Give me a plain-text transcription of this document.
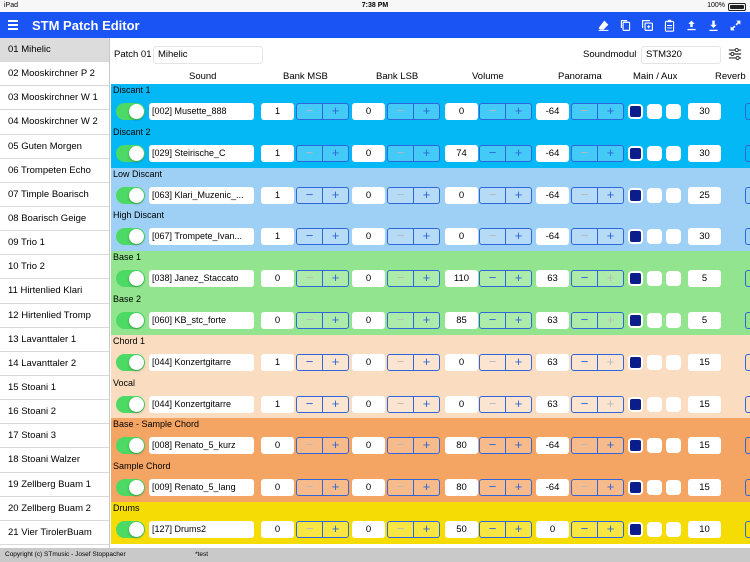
iPad	7:38 PM	100%
STM Patch Editor
01 Mihelic
02 Mooskirchner P 2
03 Mooskirchner W 1
04 Mooskirchner W 2
05 Guten Morgen
06 Trompeten Echo
07 Timple Boarisch
08 Boarisch Geige
09 Trio 1
10 Trio 2
11 Hirtenlied Klari
12 Hirtenlied Tromp
13 Lavanttaler 1
14 Lavanttaler 2
15 Stoani 1
16 Stoani 2
17 Stoani 3
18 Stoani Walzer
19 Zellberg Buam 1
20 Zellberg Buam 2
21 Vier TirolerBuam
Patch 01 Mihelic	Soundmodul	STM320
Sound	Bank MSB	Bank LSB	Volume	Panorama	Main / Aux	Reverb
Discant 1
[002] Musette_888	1	−	+	0	−	+	0	−	+	-64	−	+	30
Discant 2
[029] Steirische_C	1	−	+	0	−	+	74	−	+	-64	−	+	30
Low Discant
[063] Klari_Muzenic_...	1	−	+	0	−	+	0	−	+	-64	−	+	25
High Discant
[067] Trompete_Ivan...	1	−	+	0	−	+	0	−	+	-64	−	+	30
Base 1
[038] Janez_Staccato	0	−	+	0	−	+	110	−	+	63	−	+	5
Base 2
[060] KB_stc_forte	0	−	+	0	−	+	85	−	+	63	−	+	5
Chord 1
[044] Konzertgitarre	1	−	+	0	−	+	0	−	+	63	−	+	15
Vocal
[044] Konzertgitarre	1	−	+	0	−	+	0	−	+	63	−	+	15
Base - Sample Chord
[008] Renato_5_kurz	0	−	+	0	−	+	80	−	+	-64	−	+	15
Sample Chord
[009] Renato_5_lang	0	−	+	0	−	+	80	−	+	-64	−	+	15
Drums
[127] Drums2	0	−	+	0	−	+	50	−	+	0	−	+	10
Copyright (c) STmusic - Josef Stoppacher	*test
